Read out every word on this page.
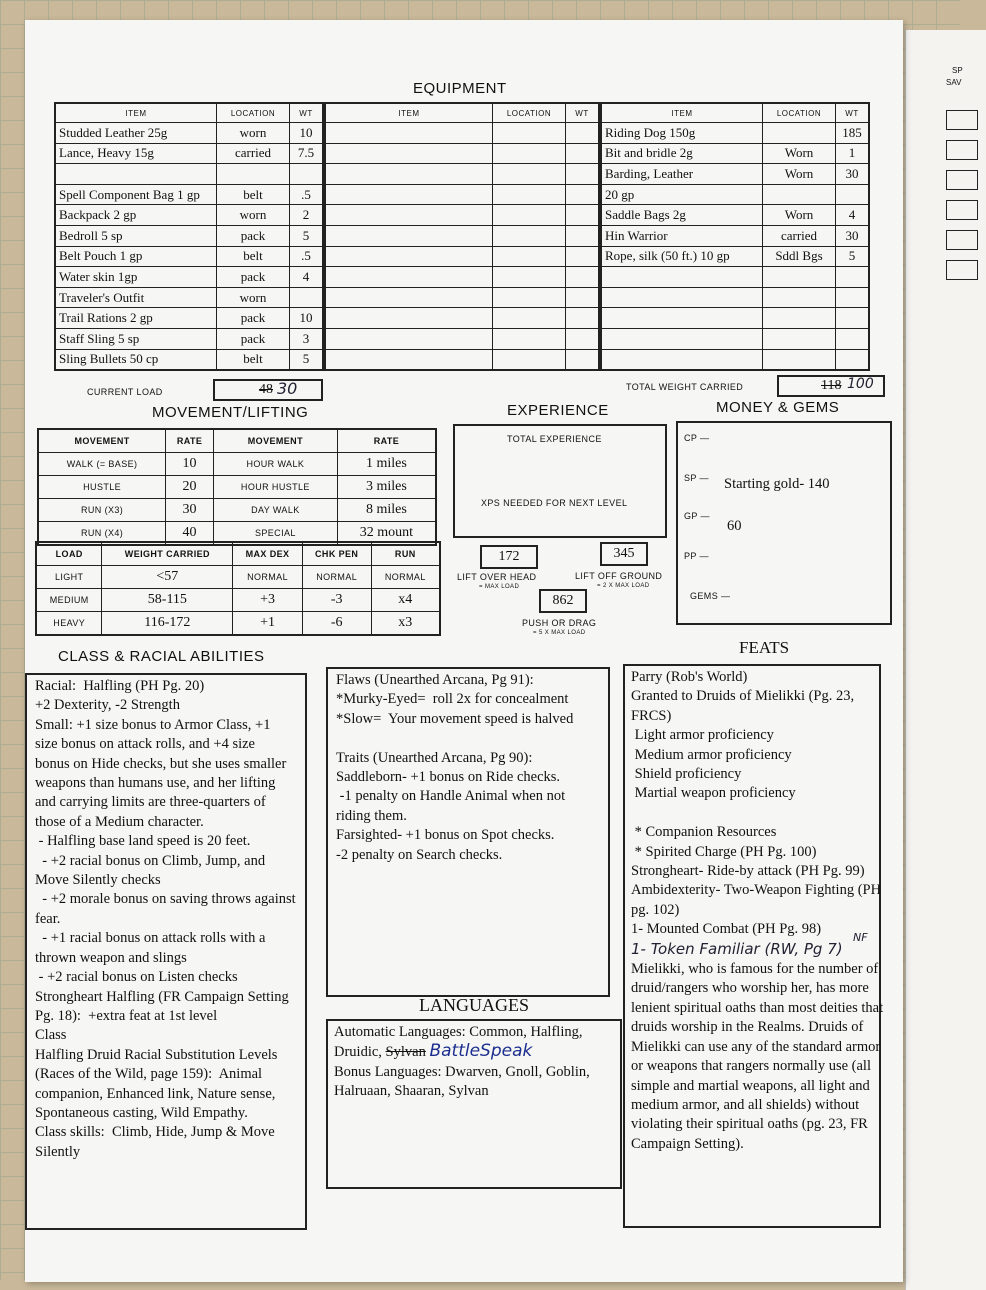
SP
SAV
EQUIPMENT
ITEM	LOCATION	WT
Studded Leather 25g	worn	10
Lance, Heavy 15g	carried	7.5

Spell Component Bag 1 gp	belt	.5
Backpack 2 gp	worn	2
Bedroll 5 sp	pack	5
Belt Pouch 1 gp	belt	.5
Water skin 1gp	pack	4
Traveler's Outfit	worn	
Trail Rations 2 gp	pack	10
Staff Sling 5 sp	pack	3
Sling Bullets 50 cp	belt	5
ITEM	LOCATION	WT

			ITEM	LOCATION	WT
Riding Dog 150g		185
Bit and bridle 2g	Worn	1
Barding, Leather	Worn	30
20 gp		
Saddle Bags 2g	Worn	4
Hin Warrior	carried	30
Rope, silk (50 ft.) 10 gp	Sddl Bgs	5

CURRENT LOAD	48 30	TOTAL WEIGHT CARRIED	118 100
MOVEMENT/LIFTING
MOVEMENT	RATE	MOVEMENT	RATE
WALK (= BASE)	10	HOUR WALK	1 miles
HUSTLE	20	HOUR HUSTLE	3 miles
RUN (X3)	30	DAY WALK	8 miles
RUN (X4)	40	SPECIAL	32 mount
LOAD	WEIGHT CARRIED	MAX DEX	CHK PEN	RUN
LIGHT	<57	NORMAL	NORMAL	NORMAL
MEDIUM	58-115	+3	-3	x4
HEAVY	116-172	+1	-6	x3
EXPERIENCE
TOTAL EXPERIENCE
XPS NEEDED FOR NEXT LEVEL
172
LIFT OVER HEAD
= MAX LOAD
345
LIFT OFF GROUND
= 2 X MAX LOAD
862
PUSH OR DRAG
= 5 X MAX LOAD
MONEY & GEMS
CP —
SP — Starting gold- 140
GP —
60
PP —
GEMS —
CLASS & RACIAL ABILITIES
Racial:  Halfling (PH Pg. 20)
+2 Dexterity, -2 Strength
Small: +1 size bonus to Armor Class, +1
size bonus on attack rolls, and +4 size
bonus on Hide checks, but she uses smaller
weapons than humans use, and her lifting
and carrying limits are three-quarters of
those of a Medium character.
- Halfling base land speed is 20 feet.
- +2 racial bonus on Climb, Jump, and
Move Silently checks
- +2 morale bonus on saving throws against
fear.
- +1 racial bonus on attack rolls with a
thrown weapon and slings
- +2 racial bonus on Listen checks
Strongheart Halfling (FR Campaign Setting
Pg. 18):  +extra feat at 1st level
Class
Halfling Druid Racial Substitution Levels
(Races of the Wild, page 159):  Animal
companion, Enhanced link, Nature sense,
Spontaneous casting, Wild Empathy.
Class skills:  Climb, Hide, Jump & Move
Silently
Flaws (Unearthed Arcana, Pg 91):
*Murky-Eyed=  roll 2x for concealment
*Slow=  Your movement speed is halved
Traits (Unearthed Arcana, Pg 90):
Saddleborn- +1 bonus on Ride checks.
-1 penalty on Handle Animal when not
riding them.
Farsighted- +1 bonus on Spot checks.
-2 penalty on Search checks.
LANGUAGES
Automatic Languages: Common, Halfling,
Druidic, Sylvan BattleSpeak
Bonus Languages: Dwarven, Gnoll, Goblin,
Halruaan, Shaaran, Sylvan
FEATS
Parry (Rob's World)
Granted to Druids of Mielikki (Pg. 23,
FRCS)
Light armor proficiency
Medium armor proficiency
Shield proficiency
Martial weapon proficiency
* Companion Resources
* Spirited Charge (PH Pg. 100)
Strongheart- Ride-by attack (PH Pg. 99)
Ambidexterity- Two-Weapon Fighting (PH
pg. 102)
1- Mounted Combat (PH Pg. 98)
1- Token Familiar (RW, Pg 7)
NF
Mielikki, who is famous for the number of
druid/rangers who worship her, has more
lenient spiritual oaths than most deities that
druids worship in the Realms. Druids of
Mielikki can use any of the standard armor
or weapons that rangers normally use (all
simple and martial weapons, all light and
medium armor, and all shields) without
violating their spiritual oaths (pg. 23, FR
Campaign Setting).
